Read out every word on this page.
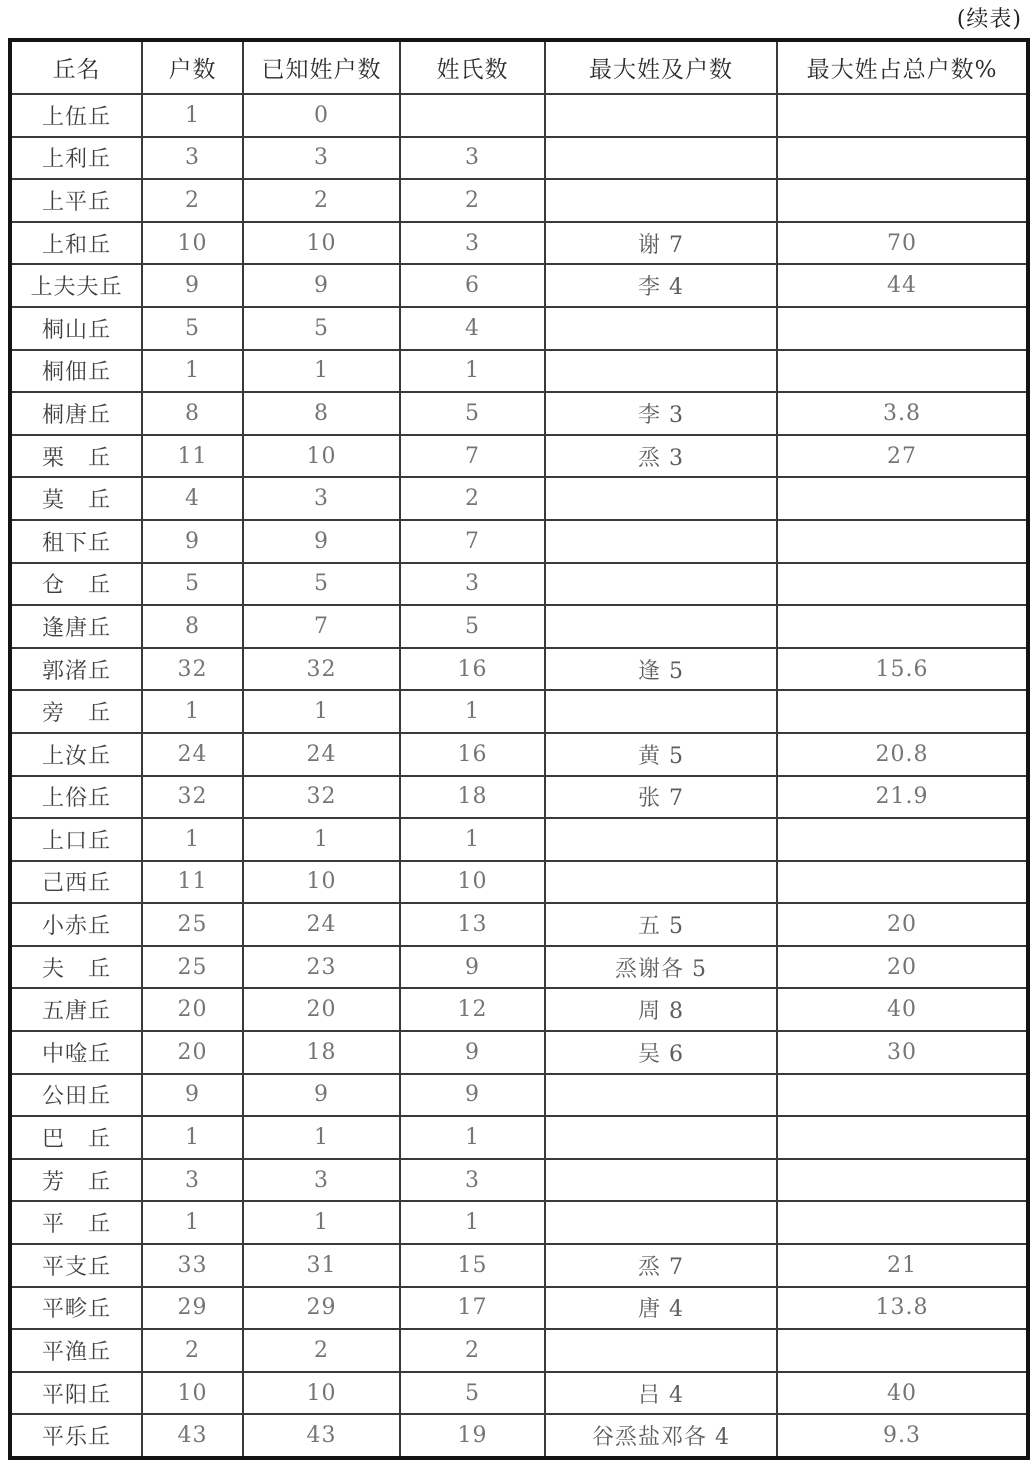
(续表)
丘名	户数	已知姓户数	姓氏数	最大姓及户数	最大姓占总户数%
上伍丘	1	0			
上利丘	3	3	3		
上平丘	2	2	2		
上和丘	10	10	3	谢 7	70
上夫夫丘	9	9	6	李 4	44
桐山丘	5	5	4		
桐佃丘	1	1	1		
桐唐丘	8	8	5	李 3	3.8
栗　丘	11	10	7	烝 3	27
莫　丘	4	3	2		
租下丘	9	9	7		
仓　丘	5	5	3		
逢唐丘	8	7	5		
郭渚丘	32	32	16	逢 5	15.6
旁　丘	1	1	1		
上汝丘	24	24	16	黄 5	20.8
上俗丘	32	32	18	张 7	21.9
上口丘	1	1	1		
己西丘	11	10	10		
小赤丘	25	24	13	五 5	20
夫　丘	25	23	9	烝谢各 5	20
五唐丘	20	20	12	周 8	40
中唫丘	20	18	9	吴 6	30
公田丘	9	9	9		
巴　丘	1	1	1		
芳　丘	3	3	3		
平　丘	1	1	1		
平支丘	33	31	15	烝 7	21
平畛丘	29	29	17	唐 4	13.8
平渔丘	2	2	2		
平阳丘	10	10	5	吕 4	40
平乐丘	43	43	19	谷烝盐邓各 4	9.3
